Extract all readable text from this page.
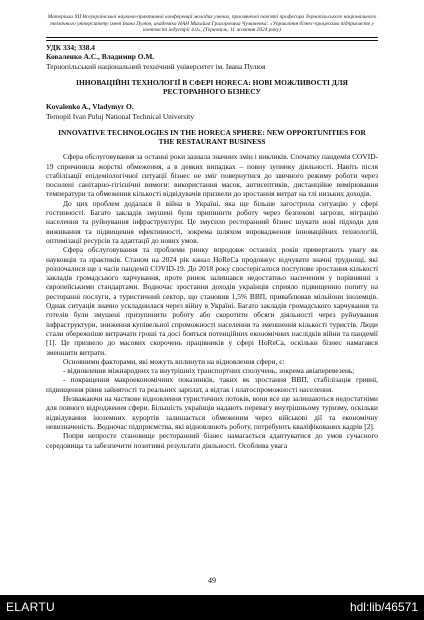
Матеріали XII Всеукраїнської науково-практичної конференції молодих учених, присвяченої пам'яті професора Тернопільського національного технічного університету імені Івана Пулюя, академіка НАН Михайла Григоровича Чумаченка: «Управління бізнес-процесами підприємств у контексті індустрії 4.0», (Тернопіль, 11 жовтня 2024 року)

УДК 334; 338.4

Коваленко А.С., Владимир О.М.

Тернопільський національний технічний університет ім. Івана Пулюя

ІННОВАЦІЙНІ ТЕХНОЛОГІЇ В СФЕРІ HORECA: НОВІ МОЖЛИВОСТІ ДЛЯ РЕСТОРАННОГО БІЗНЕСУ

Kovalenko A., Vladymyr O.

Ternopil Ivan Puluj National Technical University

INNOVATIVE TECHNOLOGIES IN THE HORECA SPHERE: NEW OPPORTUNITIES FOR THE RESTAURANT BUSINESS

Сфера обслуговування за останні роки зазнала значних змін і викликів. Спочатку пандемія COVID-19 спричинила жорсткі обмеження, а в деяких випадках – повну зупинку діяльності. Навіть після стабілізації епідеміологічної ситуації бізнес не зміг повернутися до звичного режиму роботи через посилені санітарно-гігієнічні вимоги: використання масок, антисептиків, дистанційне вимірювання температури та обмеження кількості відвідувачів призвели до зростання витрат на тлі низьких доходів.

До цих проблем додалася й війна в Україні, яка ще більше загострила ситуацію у сфері гостинності. Багато закладів змушені були припинити роботу через безпекові загрози, міграцію населення та руйнування інфраструктури. Це змусило ресторанний бізнес шукати нові підходи для виживання та підвищення ефективності, зокрема шляхом впровадження інноваційних технологій, оптимізації ресурсів та адаптації до нових умов.

Сфера обслуговування та проблеми ринку впродовж останніх років привертають увагу як науковців та практиків. Станом на 2024 рік канал HoReCa продовжує відчувати значні труднощі, які розпочалися ще з часів пандемії COVID-19. До 2018 року спостерігалося поступове зростання кількості закладів громадського харчування, проте ринок залишався недостатньо насиченим у порівнянні з європейськими стандартами. Водночас зростання доходів українців сприяло підвищенню попиту на ресторанні послуги, а туристичний сектор, що становив 1,5% ВВП, приваблював мільйони іноземців. Однак ситуація значно ускладнилася через війну в Україні. Багато закладів громадського харчування та готелів були змушені призупинити роботу або скоротити обсяги діяльності через руйнування інфраструктури, зниження купівельної спроможності населення та зменшення кількості туристів. Люди стали обережніше витрачати гроші та досі бояться потенційних економічних наслідків війни та пандемії [1]. Це призвело до масових скорочень працівників у сфері HoReCa, оскільки бізнес намагався зменшити витрати.

Основними факторами, які можуть вплинути на відновлення сфери, є:

- відновлення міжнародних та внутрішніх транспортних сполучень, зокрема авіаперевезень;

- покращення макроекономічних показників, таких як зростання ВВП, стабілізація гривні, підвищення рівня зайнятості та реальних зарплат, а відтак і платоспроможності населення.

Незважаючи на часткове відновлення туристичних потоків, вони все ще залишаються недостатніми для повного відродження сфери. Більшість українців надають перевагу внутрішньому туризму, оскільки відвідування іноземних курортів залишається обмеженим через військові дії та економічну невизначеність. Водночас підприємства, які відновлюють роботу, потребують кваліфікованих кадрів [2].

Попри непросте становище ресторанний бізнес намагається адаптуватися до умов сучасного середовища та забезпечити позитивні результати діяльності. Особлива увага

49
ELARTU	hdl:lib/46571
